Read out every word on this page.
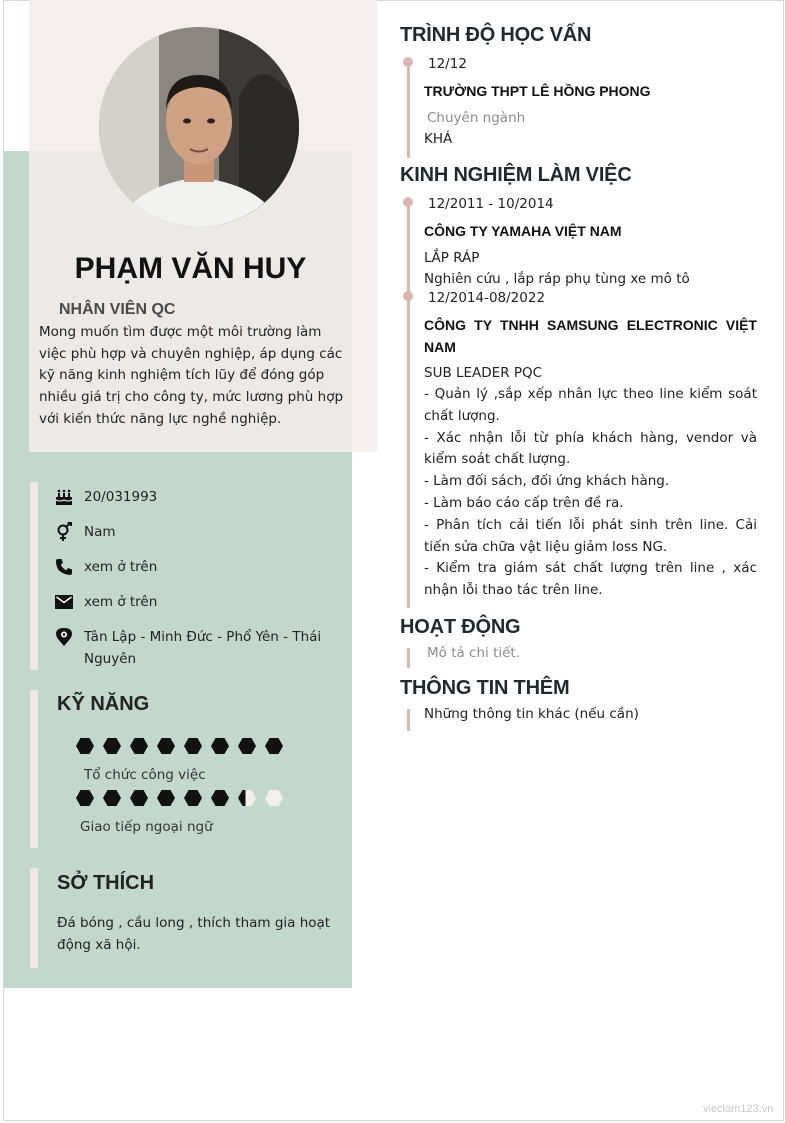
PHẠM VĂN HUY
NHÂN VIÊN QC
Mong muốn tìm được một môi trường làm việc phù hợp và chuyên nghiệp, áp dụng các kỹ năng kinh nghiệm tích lũy để đóng góp nhiều giá trị cho công ty, mức lương phù hợp với kiến thức năng lực nghề nghiệp.
20/031993
Nam
xem ở trên
xem ở trên
Tân Lập - Minh Đức - Phổ Yên - Thái Nguyên
KỸ NĂNG
Tổ chức công việc
Giao tiếp ngoại ngữ
SỞ THÍCH
Đá bóng , cầu long , thích tham gia hoạt động xã hội.
TRÌNH ĐỘ HỌC VẤN
12/12
TRƯỜNG THPT LÊ HỒNG PHONG
Chuyên ngành
KHÁ
KINH NGHIỆM LÀM VIỆC
12/2011 - 10/2014
CÔNG TY YAMAHA VIỆT NAM
LẮP RÁP
Nghiên cứu , lắp ráp phụ tùng xe mô tô
12/2014-08/2022
CÔNG TY TNHH SAMSUNG ELECTRONIC VIỆT NAM
SUB LEADER PQC
- Quản lý ,sắp xếp nhân lực theo line kiểm soát chất lượng.
- Xác nhận lỗi từ phía khách hàng, vendor và kiểm soát chất lượng.
- Làm đối sách, đối ứng khách hàng.
- Làm báo cáo cấp trên đề ra.
- Phân tích cải tiến lỗi phát sinh trên line. Cải tiến sửa chữa vật liệu giảm loss NG.
- Kiểm tra giám sát chất lượng trên line , xác nhận lỗi thao tác trên line.
HOẠT ĐỘNG
Mô tả chi tiết.
THÔNG TIN THÊM
Những thông tin khác (nếu cần)
vieclam123.vn
